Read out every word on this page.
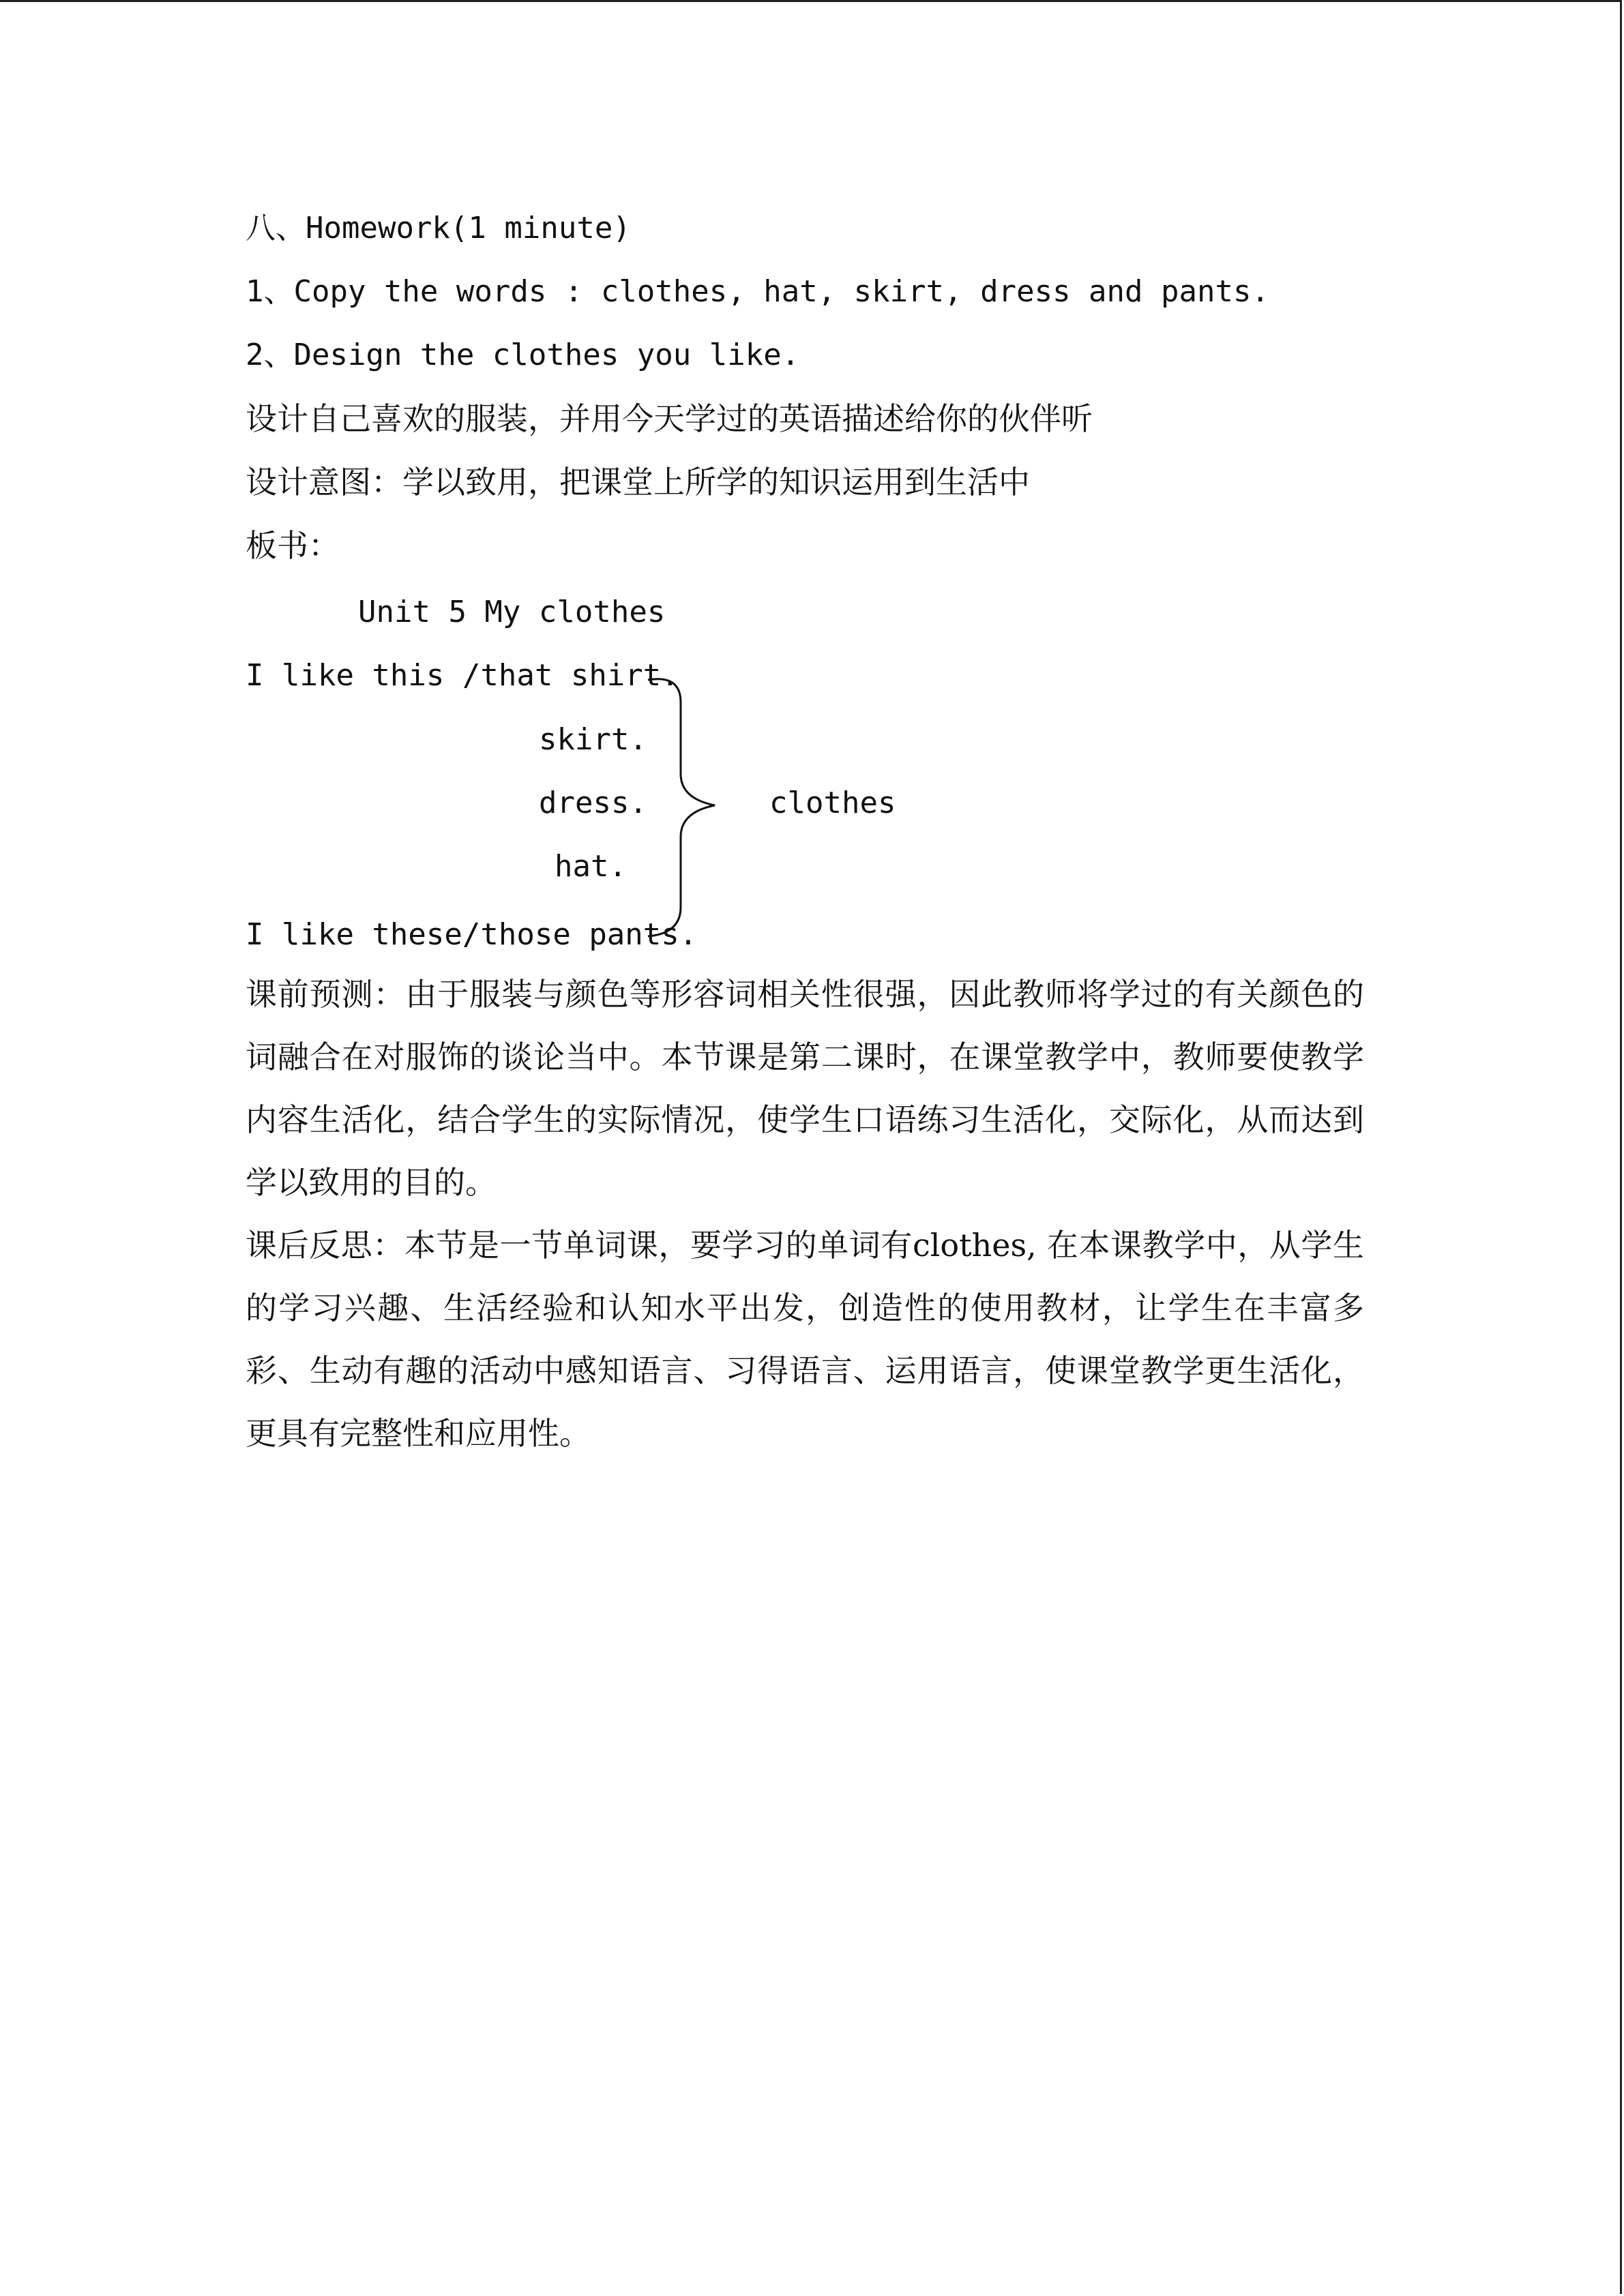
八、Homework(1 minute)
1、Copy the words : clothes, hat, skirt, dress and pants.
2、Design the clothes you like.
设计自己喜欢的服装，并用今天学过的英语描述给你的伙伴听
设计意图：学以致用，把课堂上所学的知识运用到生活中
板书：
Unit 5 My clothes
I like this /that shirt.
skirt.
dress.
hat.
I like these/those pants.
clothes
课前预测：由于服装与颜色等形容词相关性很强，因此教师将学过的有关颜色的词融合在对服饰的谈论当中。本节课是第二课时，在课堂教学中，教师要使教学内容生活化，结合学生的实际情况，使学生口语练习生活化，交际化，从而达到学以致用的目的。
课后反思：本节是一节单词课，要学习的单词有clothes, 在本课教学中，从学生的学习兴趣、生活经验和认知水平出发，创造性的使用教材，让学生在丰富多彩、生动有趣的活动中感知语言、习得语言、运用语言，使课堂教学更生活化，更具有完整性和应用性。
